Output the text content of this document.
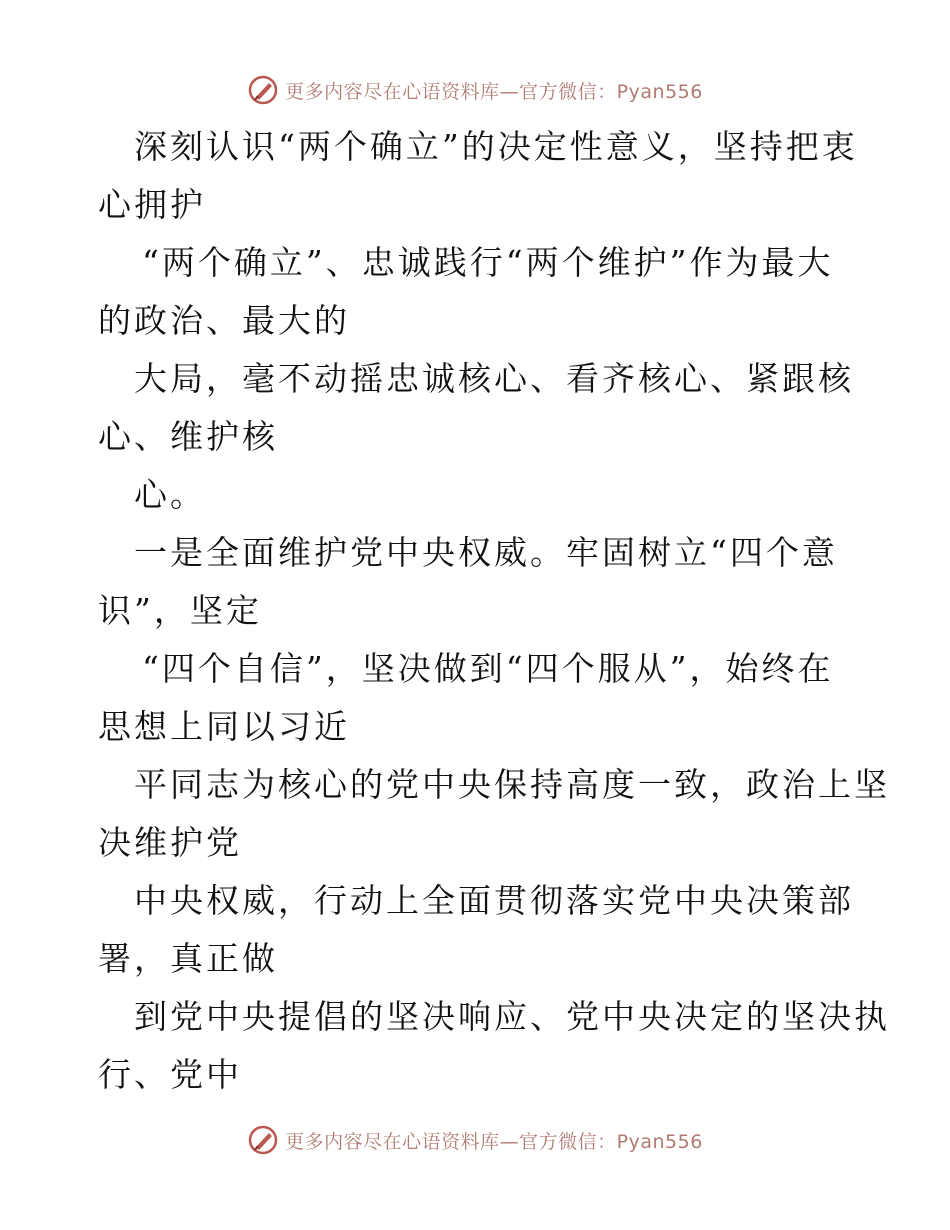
更多内容尽在心语资料库—官方微信：Pyan556
深刻认识“两个确立”的决定性意义，坚持把衷
心拥护
“两个确立”、忠诚践行“两个维护”作为最大
的政治、最大的
大局，毫不动摇忠诚核心、看齐核心、紧跟核
心、维护核
心。
一是全面维护党中央权威。牢固树立“四个意
识”，坚定
“四个自信”，坚决做到“四个服从”，始终在
思想上同以习近
平同志为核心的党中央保持高度一致，政治上坚
决维护党
中央权威，行动上全面贯彻落实党中央决策部
署，真正做
到党中央提倡的坚决响应、党中央决定的坚决执
行、党中
更多内容尽在心语资料库—官方微信：Pyan556
